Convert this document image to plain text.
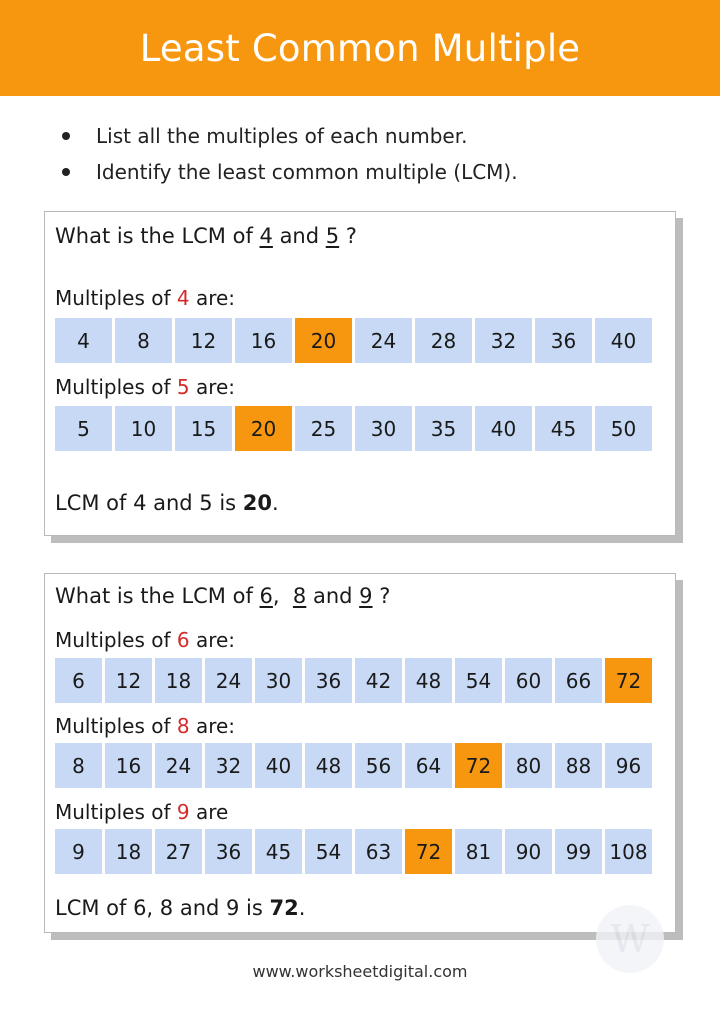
Least Common Multiple
List all the multiples of each number.
Identify the least common multiple (LCM).
What is the LCM of 4 and 5 ?
Multiples of 4 are:
4	8	12	16	20	24	28	32	36	40
Multiples of 5 are:
5	10	15	20	25	30	35	40	45	50
LCM of 4 and 5 is 20.
What is the LCM of 6,  8 and 9 ?
Multiples of 6 are:
6	12	18	24	30	36	42	48	54	60	66	72
Multiples of 8 are:
8	16	24	32	40	48	56	64	72	80	88	96
Multiples of 9 are
9	18	27	36	45	54	63	72	81	90	99 108
LCM of 6, 8 and 9 is 72.
W
www.worksheetdigital.com
